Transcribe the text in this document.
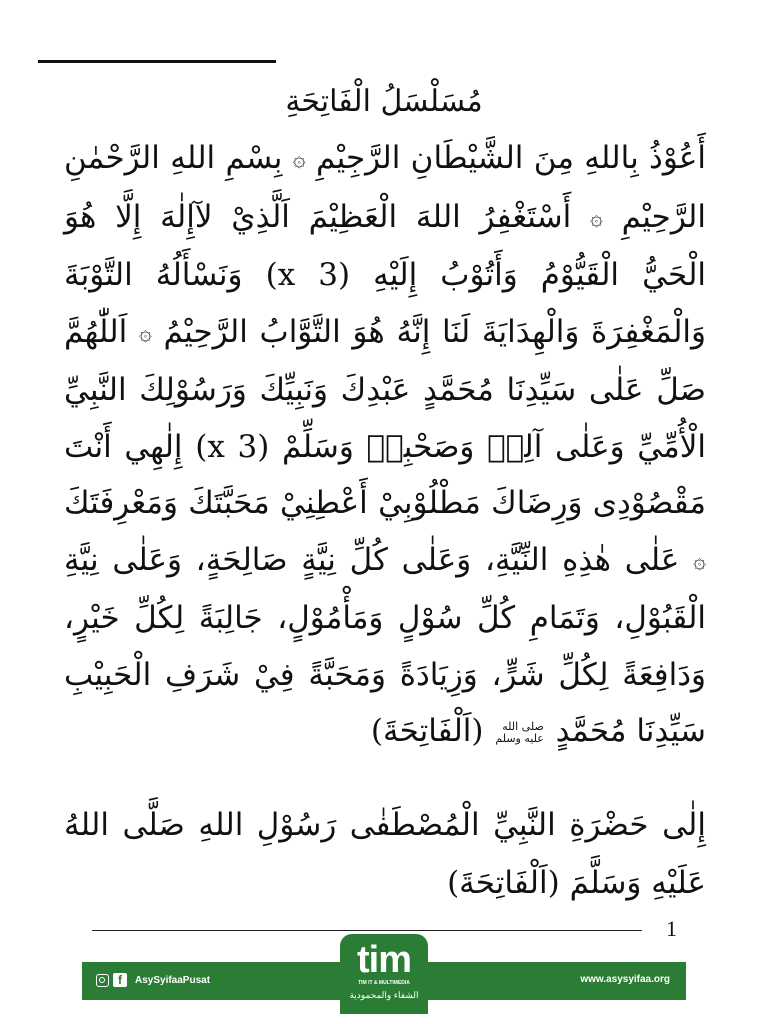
مُسَلْسَلُ الْفَاتِحَةِ
أَعُوْذُ بِاللهِ مِنَ الشَّيْطَانِ الرَّجِيْمِ ۞ بِسْمِ اللهِ الرَّحْمٰنِ الرَّحِيْمِ ۞ أَسْتَغْفِرُ اللهَ الْعَظِيْمَ اَلَّذِيْ لآإِلٰهَ إِلَّا هُوَ الْحَيُّ الْقَيُّوْمُ وَأَتُوْبُ إِلَيْهِ (3 x) وَنَسْأَلُهُ التَّوْبَةَ وَالْمَغْفِرَةَ وَالْهِدَايَةَ لَنَا إِنَّهُ هُوَ التَّوَّابُ الرَّحِيْمُ ۞ اَللّٰهُمَّ صَلِّ عَلٰى سَيِّدِنَا مُحَمَّدٍ عَبْدِكَ وَنَبِيِّكَ وَرَسُوْلِكَ النَّبِيِّ الْأُمِّيِّ وَعَلٰى آلِهٖ وَصَحْبِهٖ وَسَلِّمْ (3 x) إِلٰهِي أَنْتَ مَقْصُوْدِى وَرِضَاكَ مَطْلُوْبِيْ أَعْطِنِيْ مَحَبَّتَكَ وَمَعْرِفَتَكَ ۞ عَلٰى هٰذِهِ النِّيَّةِ، وَعَلٰى كُلِّ نِيَّةٍ صَالِحَةٍ، وَعَلٰى نِيَّةِ الْقَبُوْلِ، وَتَمَامِ كُلِّ سُوْلٍ وَمَأْمُوْلٍ، جَالِبَةً لِكُلِّ خَيْرٍ، وَدَافِعَةً لِكُلِّ شَرٍّ، وَزِيَادَةً وَمَحَبَّةً فِيْ شَرَفِ الْحَبِيْبِ سَيِّدِنَا مُحَمَّدٍ صلى الله
عليه وسلم (اَلْفَاتِحَةَ)
إِلٰى حَضْرَةِ النَّبِيِّ الْمُصْطَفٰى رَسُوْلِ اللهِ صَلَّى اللهُ عَلَيْهِ وَسَلَّمَ (اَلْفَاتِحَةَ)
1
f	AsySyifaaPusat	www.asysyifaa.org
tim
TIM IT & MULTIMEDIA
الشفاء والمحمودية
